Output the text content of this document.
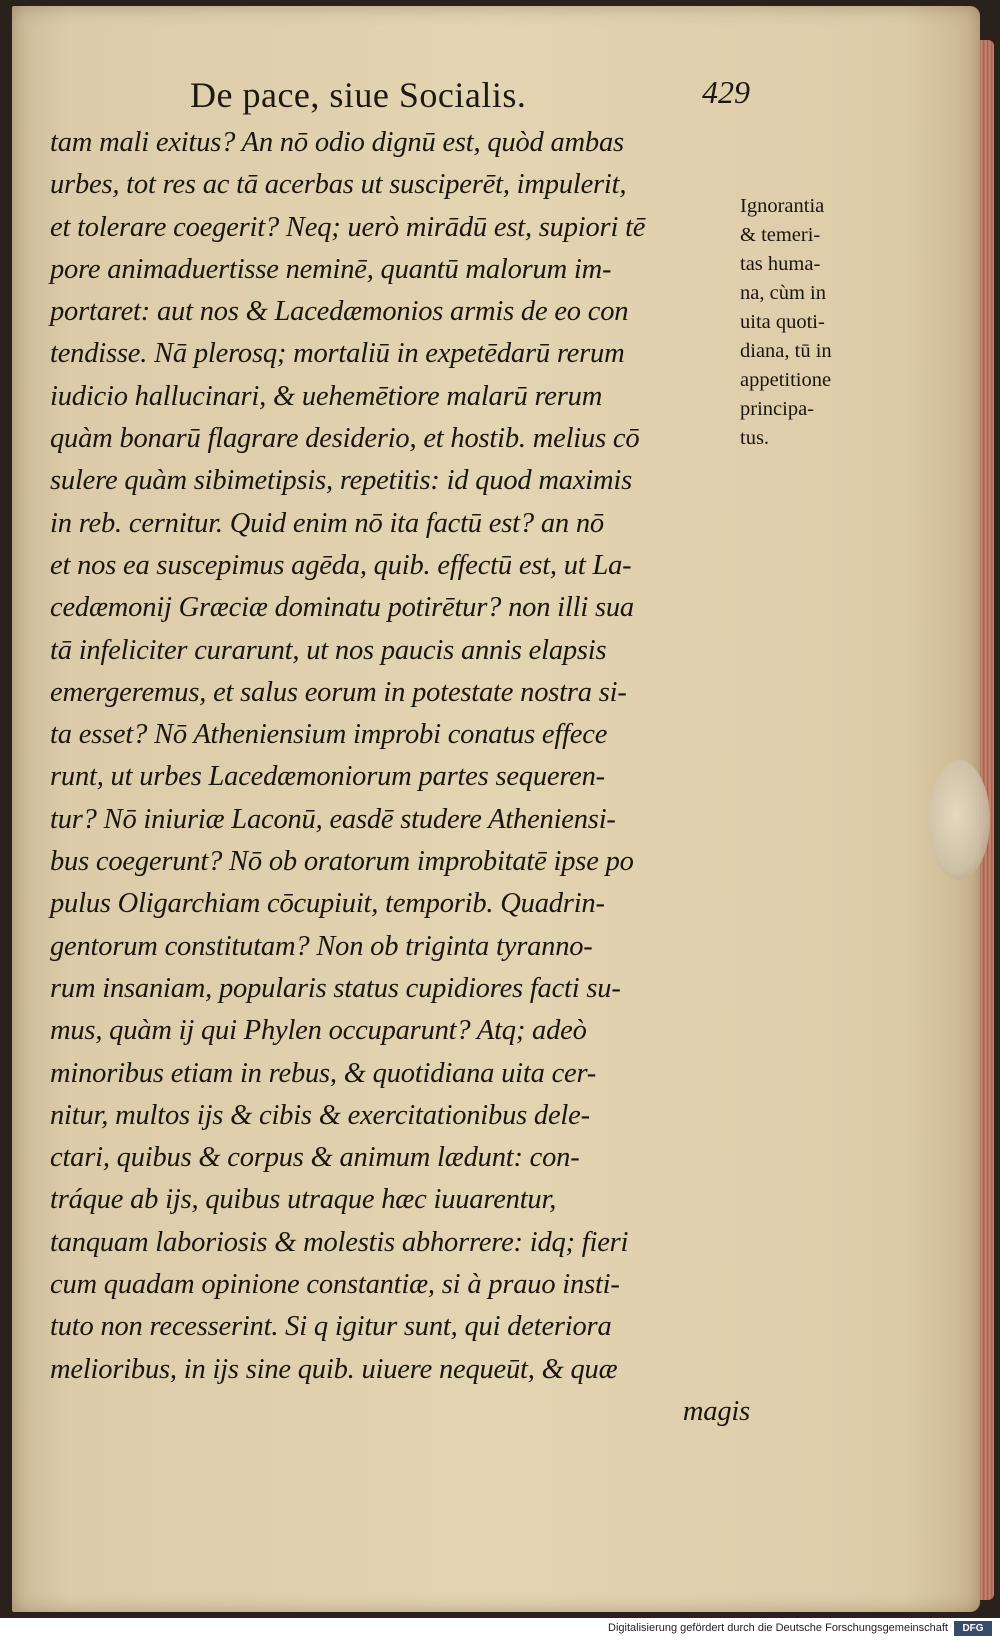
De pace, siue Socialis.	429
tam mali exitus? An nō odio dignū est, quòd ambas
urbes, tot res ac tā acerbas ut susciperēt, impulerit,
et tolerare coegerit? Neq; uerò mirādū est, supiori tē
pore animaduertisse neminē, quantū malorum im-
portaret: aut nos & Lacedæmonios armis de eo con
tendisse. Nā plerosq; mortaliū in expetēdarū rerum
iudicio hallucinari, & uehemētiore malarū rerum
quàm bonarū flagrare desiderio, et hostib. melius cō
sulere quàm sibimetipsis, repetitis: id quod maximis
in reb. cernitur. Quid enim nō ita factū est? an nō
et nos ea suscepimus agēda, quib. effectū est, ut La-
cedæmonij Græciæ dominatu potirētur? non illi sua
tā infeliciter curarunt, ut nos paucis annis elapsis
emergeremus, et salus eorum in potestate nostra si-
ta esset? Nō Atheniensium improbi conatus effece
runt, ut urbes Lacedæmoniorum partes sequeren-
tur? Nō iniuriæ Laconū, easdē studere Atheniensi-
bus coegerunt? Nō ob oratorum improbitatē ipse po
pulus Oligarchiam cōcupiuit, temporib. Quadrin-
gentorum constitutam? Non ob triginta tyranno-
rum insaniam, popularis status cupidiores facti su-
mus, quàm ij qui Phylen occuparunt? Atq; adeò
minoribus etiam in rebus, & quotidiana uita cer-
nitur, multos ijs & cibis & exercitationibus dele-
ctari, quibus & corpus & animum lædunt: con-
tráque ab ijs, quibus utraque hæc iuuarentur,
tanquam laboriosis & molestis abhorrere: idq; fieri
cum quadam opinione constantiæ, si à prauo insti-
tuto non recesserint. Si q igitur sunt, qui deteriora
melioribus, in ijs sine quib. uiuere nequeūt, & quæ
magis
Ignorantia
& temeri-
tas huma-
na, cùm in
uita quoti-
diana, tū in
appetitione
principa-
tus.
Digitalisierung gefördert durch die Deutsche Forschungsgemeinschaft	DFG
